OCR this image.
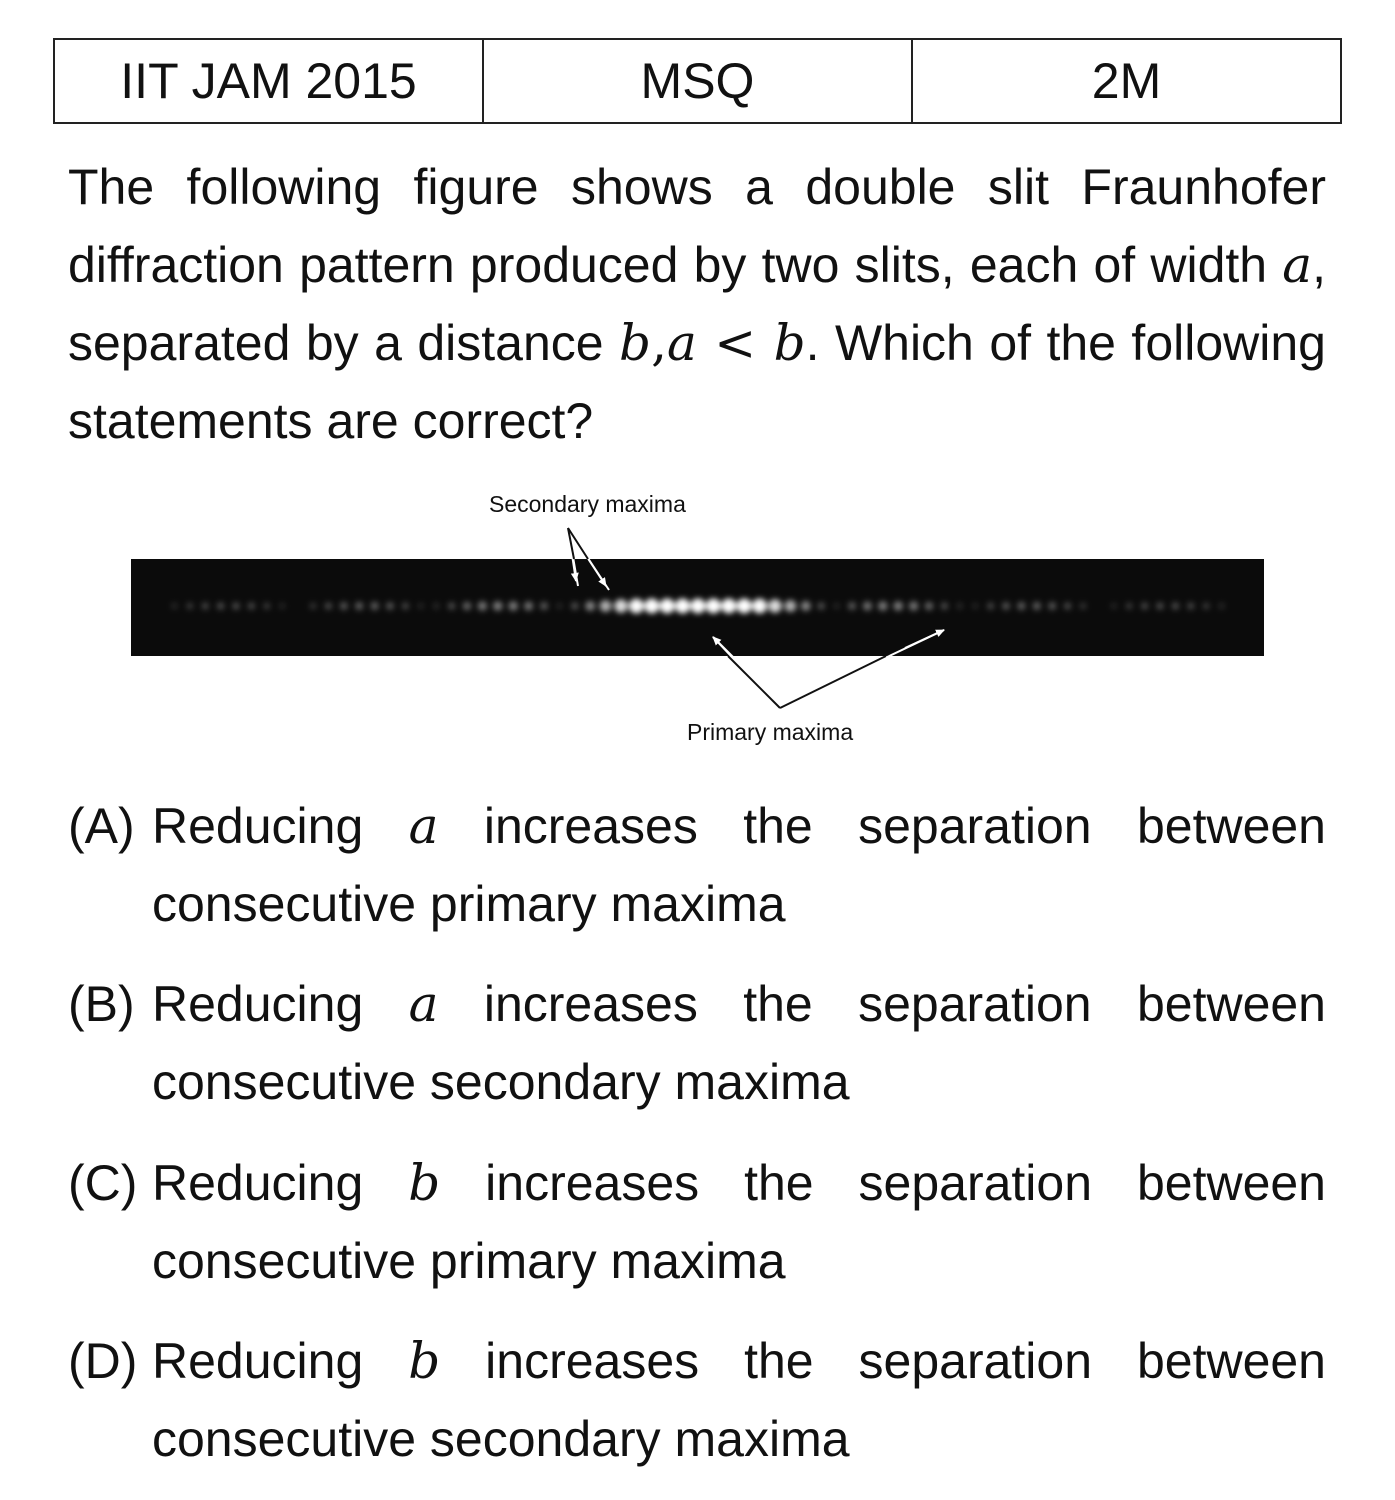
IIT JAM 2015	MSQ	2M

The following figure shows a double slit Fraunhofer diffraction pattern produced by two slits, each of width a, separated by a distance b,a < b. Which of the following statements are correct?

Secondary maxima
Primary maxima
(A) Reducing a increases the separation between consecutive primary maxima
(B) Reducing a increases the separation between consecutive secondary maxima
(C) Reducing b increases the separation between consecutive primary maxima
(D) Reducing b increases the separation between consecutive secondary maxima
